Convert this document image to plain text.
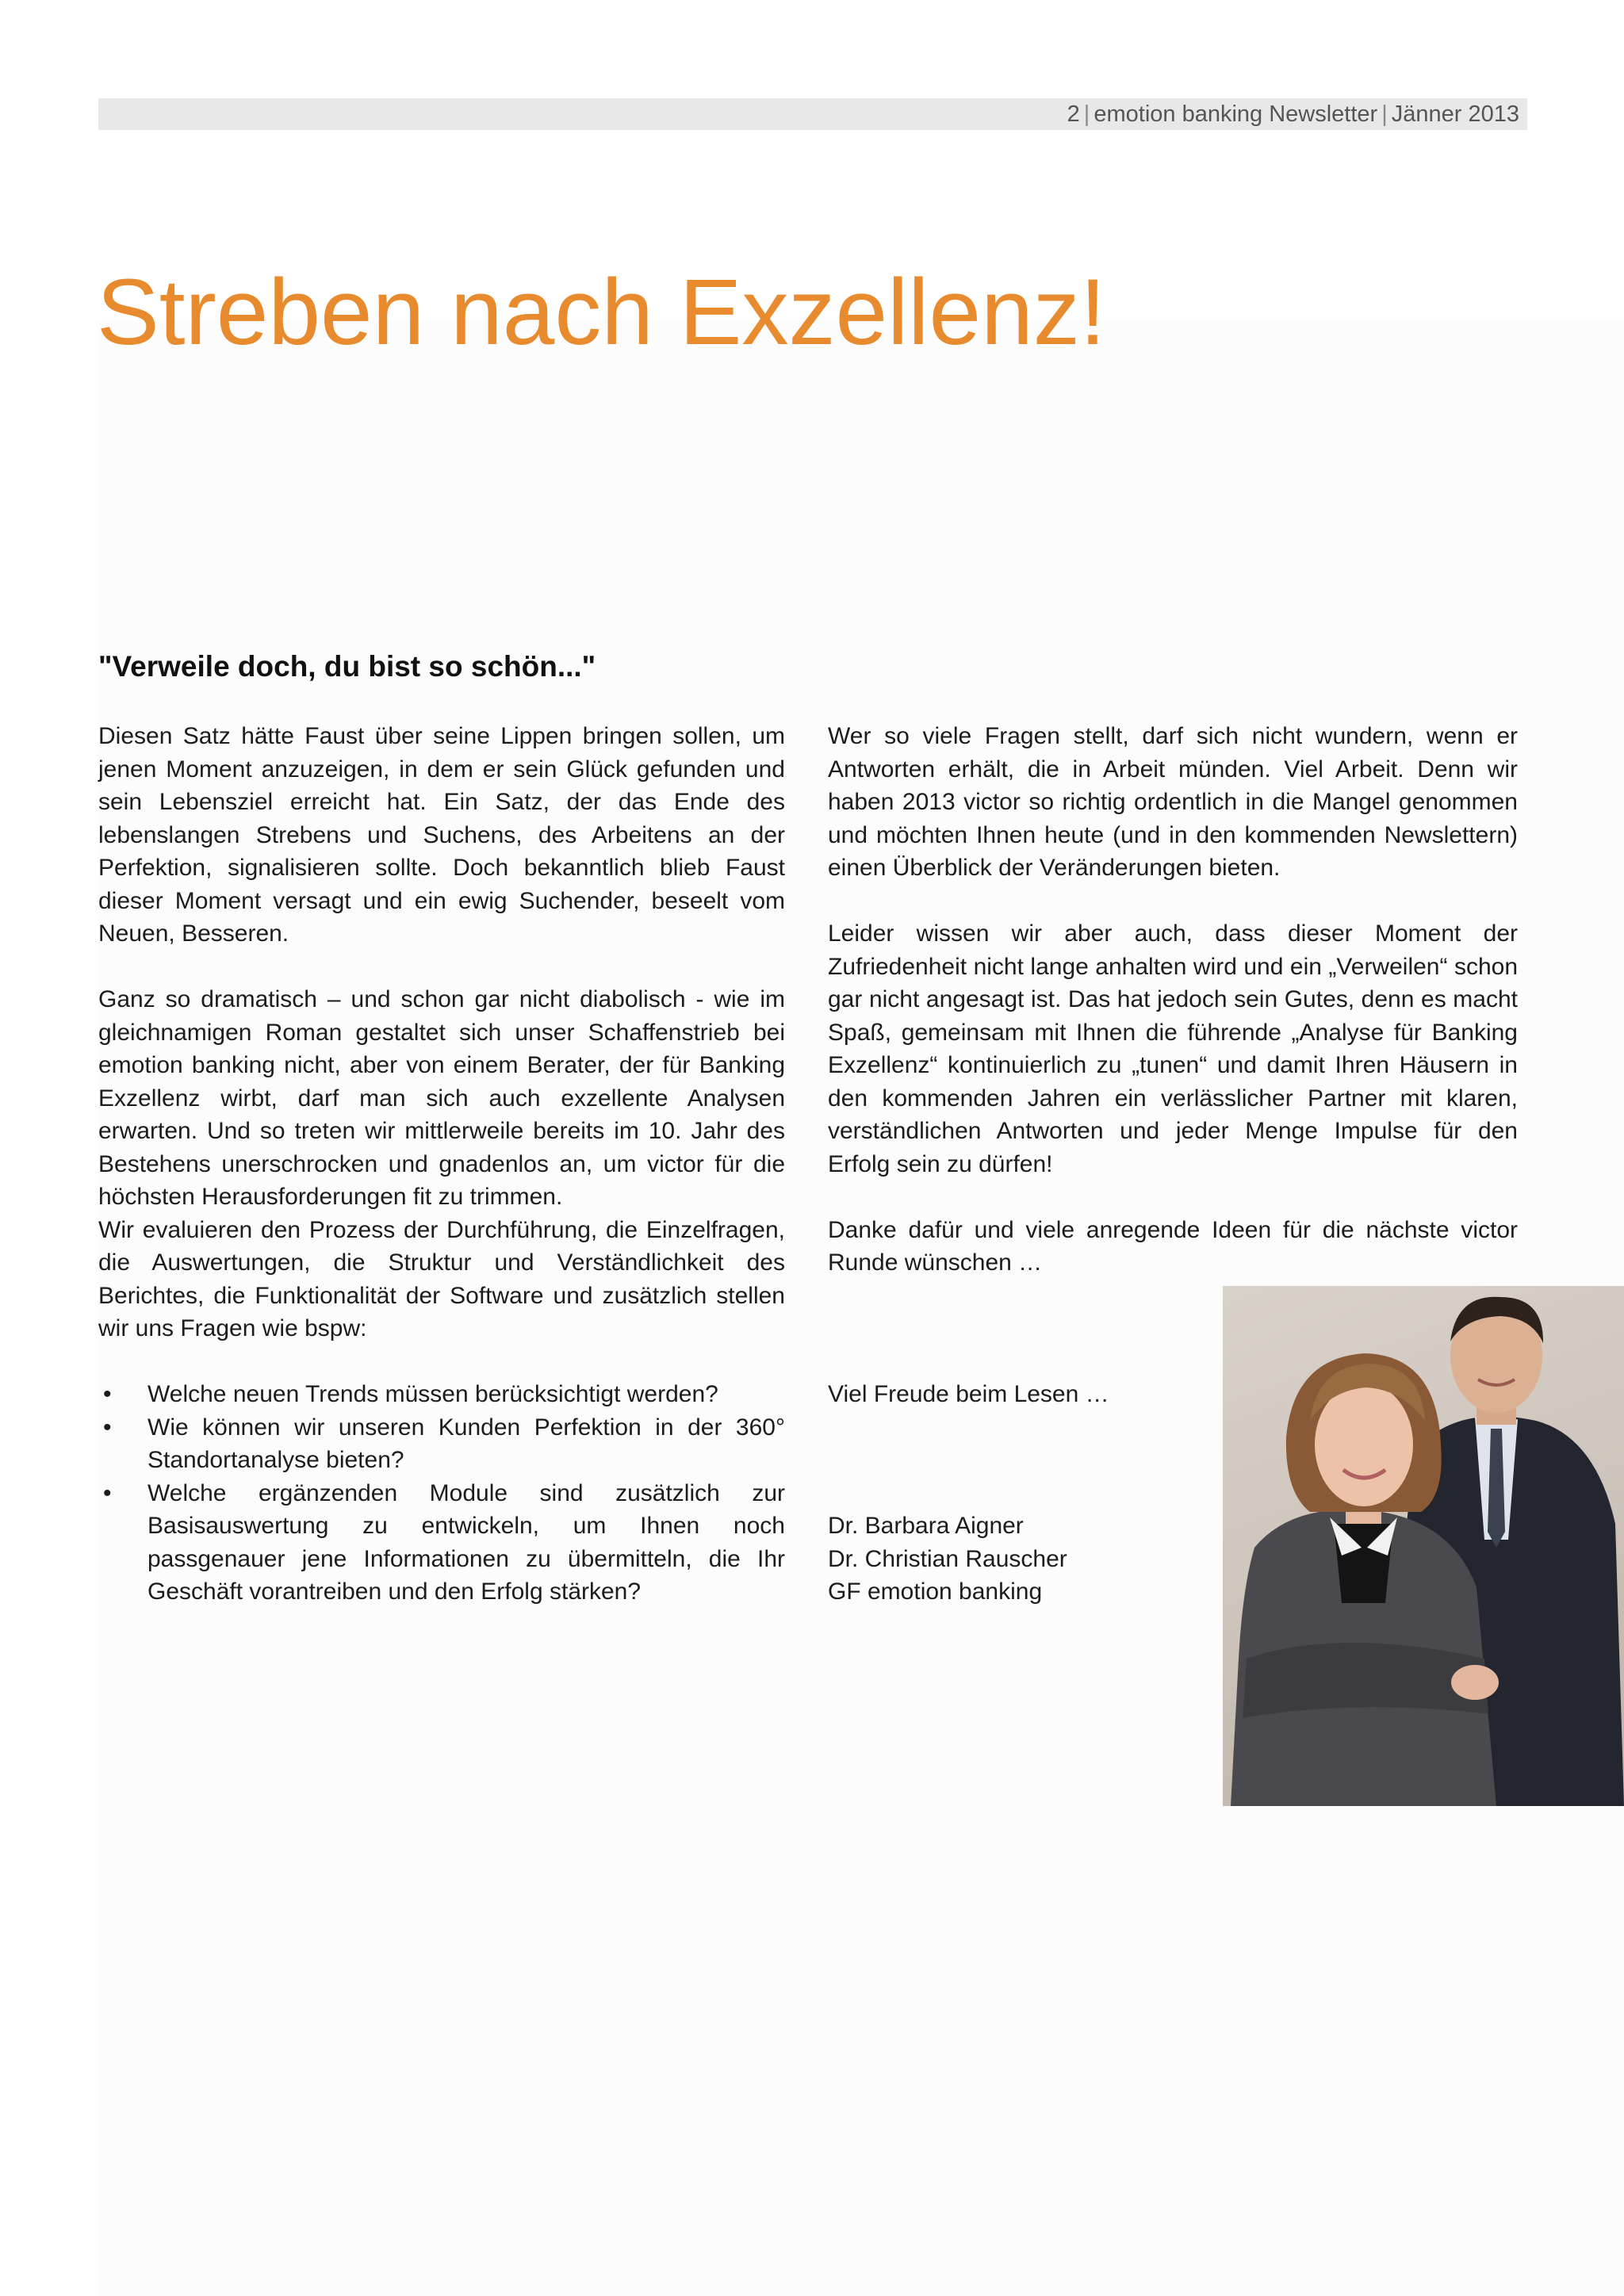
2 | emotion banking Newsletter | Jänner 2013
Streben nach Exzellenz!
"Verweile doch, du bist so schön..."

Diesen Satz hätte Faust über seine Lippen bringen sollen, um jenen Moment anzuzeigen, in dem er sein Glück gefunden und sein Lebensziel erreicht hat. Ein Satz, der das Ende des lebenslangen Strebens und Suchens, des Arbeitens an der Perfektion, signalisieren sollte. Doch bekanntlich blieb Faust dieser Moment versagt und ein ewig Suchender, beseelt vom Neuen, Besseren.

Ganz so dramatisch – und schon gar nicht diabolisch - wie im gleichnamigen Roman gestaltet sich unser Schaffenstrieb bei emotion banking nicht, aber von einem Berater, der für Banking Exzellenz wirbt, darf man sich auch exzellente Analysen erwarten. Und so treten wir mittlerweile bereits im 10. Jahr des Bestehens unerschrocken und gnadenlos an, um victor für die höchsten Herausforderungen fit zu trimmen.

Wir evaluieren den Prozess der Durchführung, die Einzelfragen, die Auswertungen, die Struktur und Verständlichkeit des Berichtes, die Funktionalität der Software und zusätzlich stellen wir uns Fragen wie bspw:

• Welche neuen Trends müssen berücksichtigt werden?
• Wie können wir unseren Kunden Perfektion in der 360° Standortanalyse bieten?
• Welche ergänzenden Module sind zusätzlich zur Basisauswertung zu entwickeln, um Ihnen noch passgenauer jene Informationen zu übermitteln, die Ihr Geschäft vorantreiben und den Erfolg stärken?

Wer so viele Fragen stellt, darf sich nicht wundern, wenn er Antworten erhält, die in Arbeit münden. Viel Arbeit. Denn wir haben 2013 victor so richtig ordentlich in die Mangel genommen und möchten Ihnen heute (und in den kommenden Newslettern) einen Überblick der Veränderungen bieten.

Leider wissen wir aber auch, dass dieser Moment der Zufriedenheit nicht lange anhalten wird und ein „Verweilen“ schon gar nicht angesagt ist. Das hat jedoch sein Gutes, denn es macht Spaß, gemeinsam mit Ihnen die führende „Analyse für Banking Exzellenz“ kontinuierlich zu „tunen“ und damit Ihren Häusern in den kommenden Jahren ein verlässlicher Partner mit klaren, verständlichen Antworten und jeder Menge Impulse für den Erfolg sein zu dürfen!

Danke dafür und viele anregende Ideen für die nächste victor Runde wünschen …

Viel Freude beim Lesen …

Dr. Barbara Aigner

Dr. Christian Rauscher

GF emotion banking
